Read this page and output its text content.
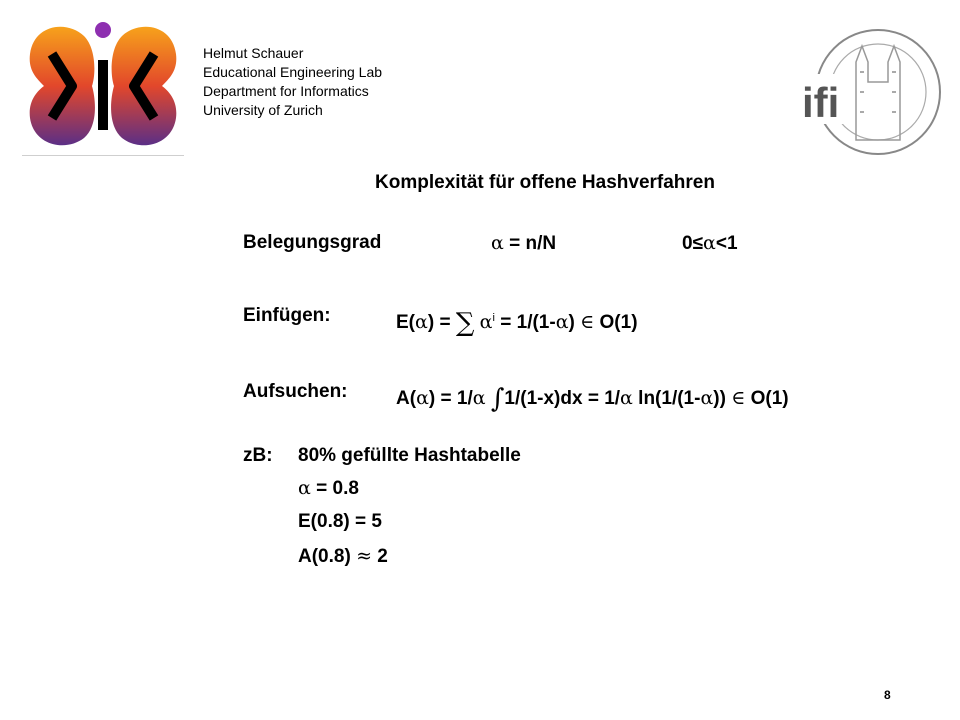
Helmut Schauer
Educational Engineering Lab
Department for Informatics
University of Zurich	ifi
Komplexität für offene Hashverfahren
Belegungsgrad	α = n/N	0≤α<1
Einfügen:	E(α) = ∑ $\alpha^i = 1/(1-\alpha)$ ∈ O(1)
Aufsuchen:	A(α) = 1/α ∫1/(1-x)dx = 1/α ln(1/(1-α)) ∈ O(1)
zB: 80% gefüllte Hashtabelle
α = 0.8
E(0.8) = 5
A(0.8) ≈ 2
8
